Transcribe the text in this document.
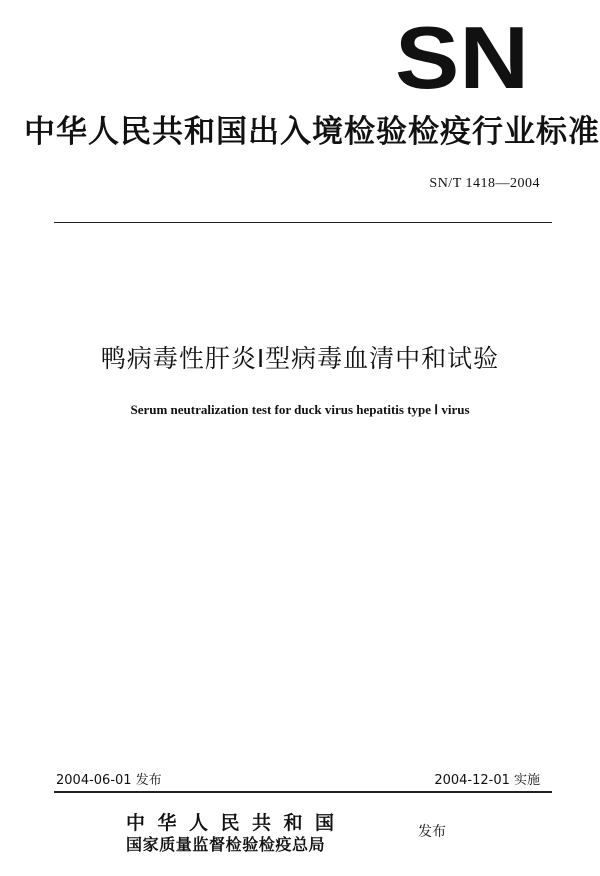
SN
中华人民共和国出入境检验检疫行业标准
SN/T 1418—2004
鸭病毒性肝炎Ⅰ型病毒血清中和试验
Serum neutralization test for duck virus hepatitis type Ⅰ virus
2004-06-01 发布	2004-12-01 实施
中华人民共和国
国家质量监督检验检疫总局
发布
